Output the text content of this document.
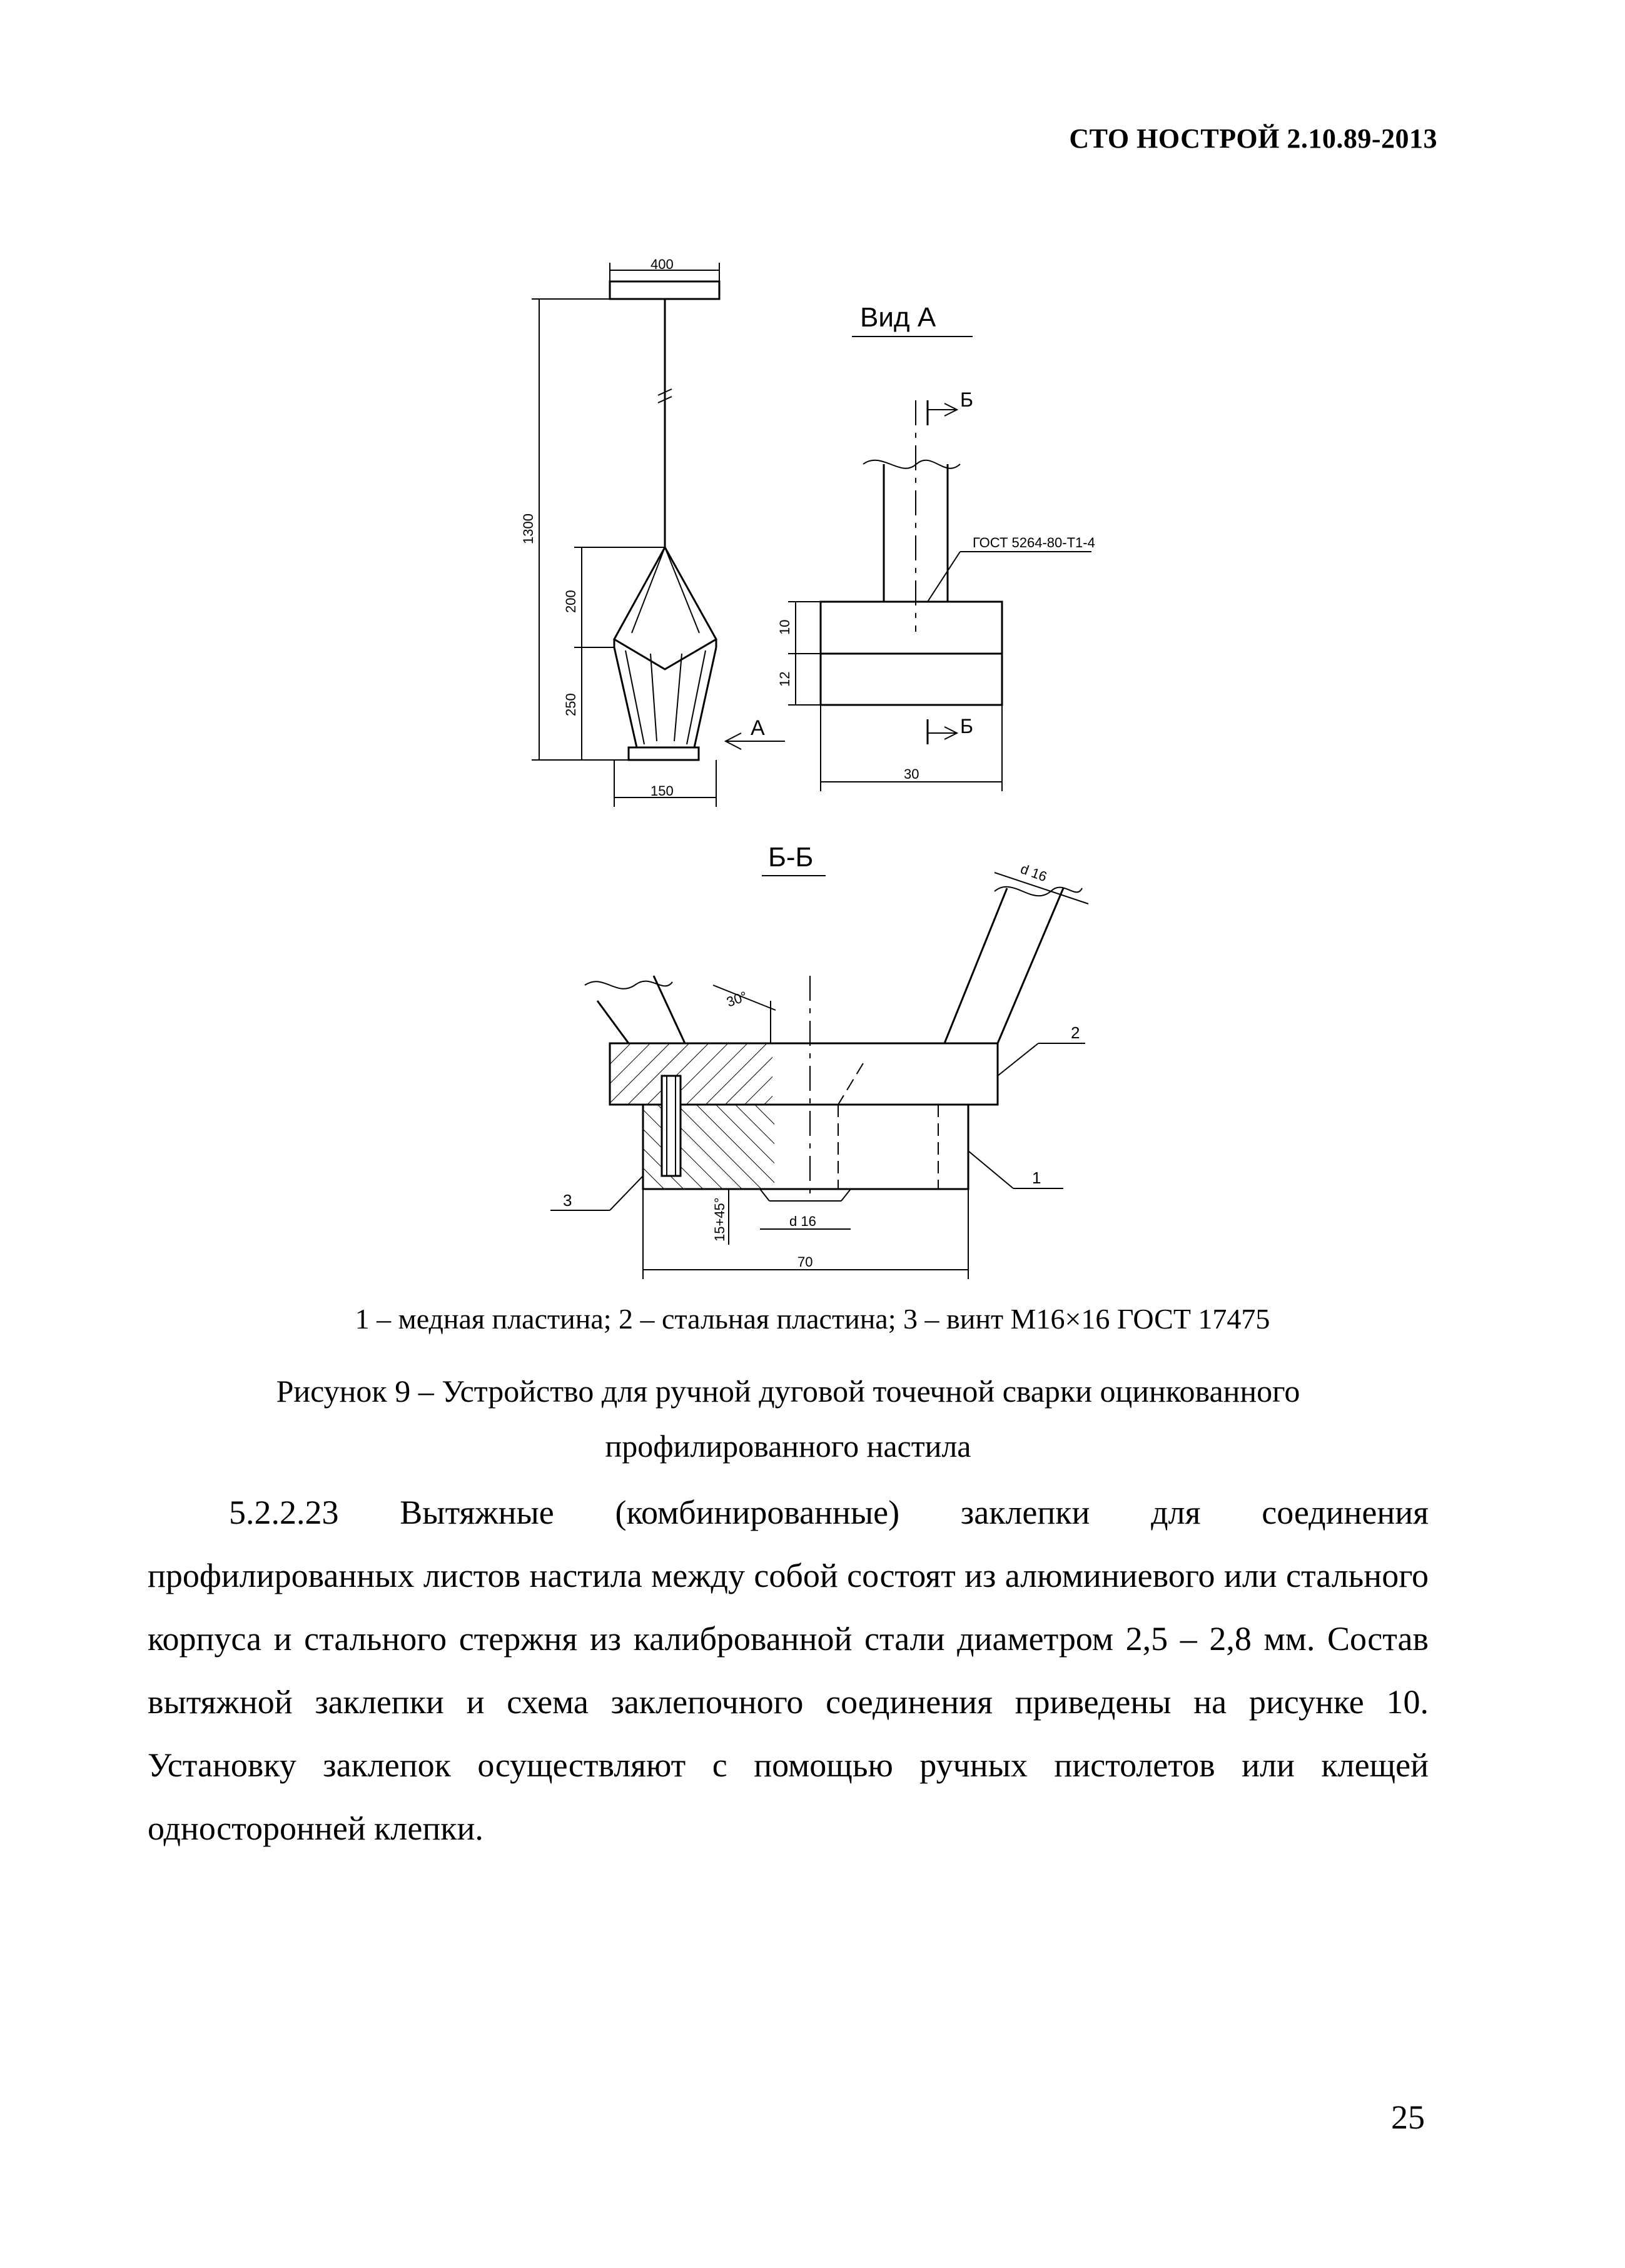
СТО НОСТРОЙ 2.10.89-2013
400
1300
200
250
150
А
Вид А
Б
Б
ГОСТ 5264-80-Т1-4
10
12
30
Б-Б
d 16
30°
15+45°	d 16
70
2
1
3
1 – медная пластина; 2 – стальная пластина; 3 – винт М16×16 ГОСТ 17475
Рисунок 9 – Устройство для ручной дуговой точечной сварки оцинкованного
профилированного настила

5.2.2.23 Вытяжные (комбинированные) заклепки для соединения профилированных листов настила между собой состоят из алюминиевого или стального корпуса и стального стержня из калиброванной стали диаметром 2,5 – 2,8 мм. Состав вытяжной заклепки и схема заклепочного соединения приведены на рисунке 10. Установку заклепок осуществляют с помощью ручных пистолетов или клещей односторонней клепки.

25
